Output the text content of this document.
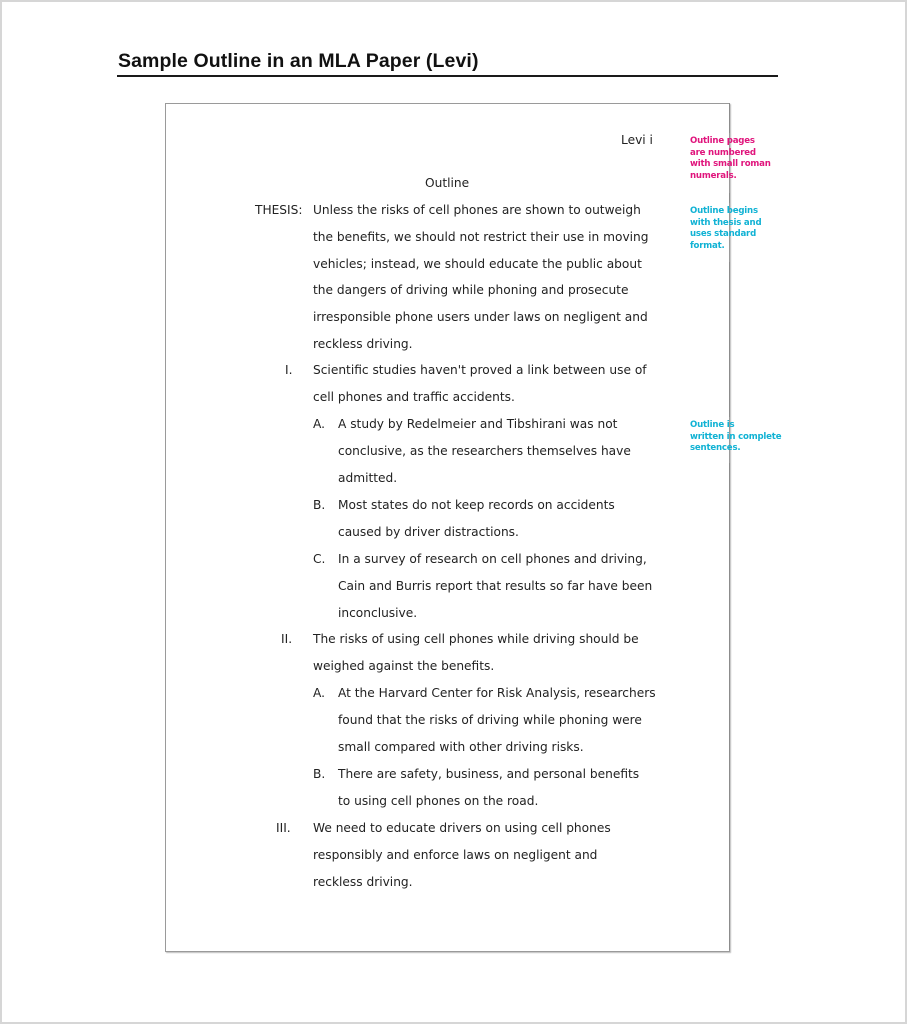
Sample Outline in an MLA Paper (Levi)
Levi i
Outline
THESIS: Unless the risks of cell phones are shown to outweigh
the benefits, we should not restrict their use in moving
vehicles; instead, we should educate the public about
the dangers of driving while phoning and prosecute
irresponsible phone users under laws on negligent and
reckless driving.
I. Scientific studies haven't proved a link between use of
cell phones and traffic accidents.
A. A study by Redelmeier and Tibshirani was not
conclusive, as the researchers themselves have
admitted.
B. Most states do not keep records on accidents
caused by driver distractions.
C. In a survey of research on cell phones and driving,
Cain and Burris report that results so far have been
inconclusive.
II. The risks of using cell phones while driving should be
weighed against the benefits.
A. At the Harvard Center for Risk Analysis, researchers
found that the risks of driving while phoning were
small compared with other driving risks.
B. There are safety, business, and personal benefits
to using cell phones on the road.
III. We need to educate drivers on using cell phones
responsibly and enforce laws on negligent and
reckless driving.
Outline pages
are numbered
with small roman
numerals.
Outline begins
with thesis and
uses standard
format.
Outline is
written in complete
sentences.
